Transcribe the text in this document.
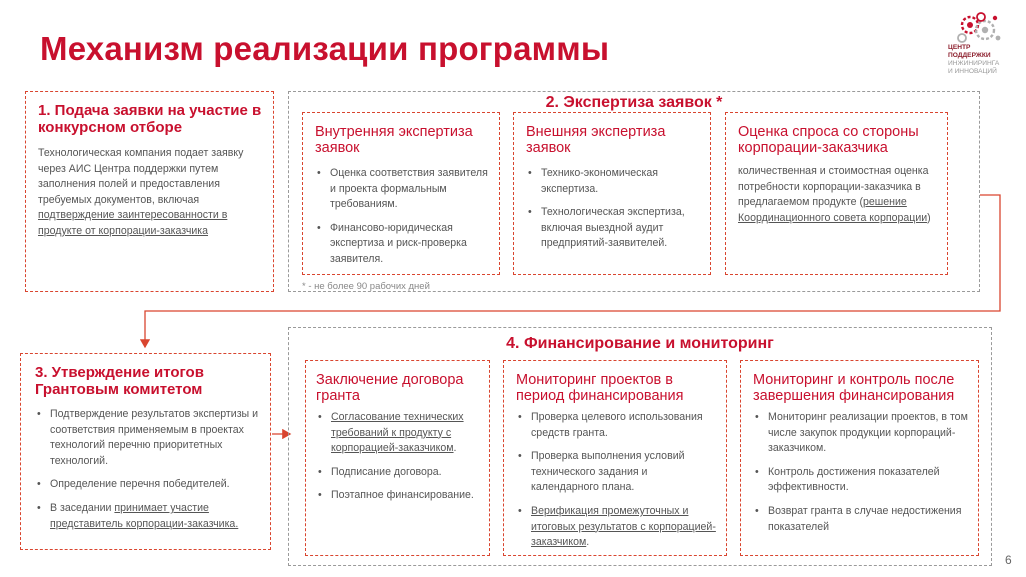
Механизм реализации программы	ЦЕНТР
ПОДДЕРЖКИ
ИНЖИНИРИНГА
И ИННОВАЦИЙ
1. Подача заявки на участие в конкурсном отборе
Технологическая компания подает заявку через АИС Центра поддержки путем заполнения полей и предоставления требуемых документов, включая подтверждение заинтересованности в продукте от корпорации-заказчика
2. Экспертиза заявок *
Внутренняя экспертиза заявок
• Оценка соответствия заявителя и проекта формальным требованиям.
• Финансово-юридическая экспертиза и риск-проверка заявителя.
Внешняя экспертиза заявок
• Технико-экономическая экспертиза.
• Технологическая экспертиза, включая выездной аудит предприятий-заявителей.
Оценка спроса со стороны корпорации-заказчика
количественная и стоимостная оценка потребности корпорации-заказчика в предлагаемом продукте (решение Координационного совета корпорации)
* - не более 90 рабочих дней
3. Утверждение итогов Грантовым комитетом
• Подтверждение результатов экспертизы и соответствия применяемым в проектах технологий перечню приоритетных технологий.
• Определение перечня победителей.
• В заседании принимает участие представитель корпорации-заказчика.
4. Финансирование и мониторинг
Заключение договора гранта
• Согласование технических требований к продукту с корпорацией-заказчиком.
• Подписание договора.
• Поэтапное финансирование.
Мониторинг проектов в период финансирования
• Проверка целевого использования средств гранта.
• Проверка выполнения условий технического задания и календарного плана.
• Верификация промежуточных и итоговых результатов с корпорацией-заказчиком.
Мониторинг и контроль после завершения финансирования
• Мониторинг реализации проектов, в том числе закупок продукции корпораций-заказчиком.
• Контроль достижения показателей эффективности.
• Возврат гранта в случае недостижения показателей
6
